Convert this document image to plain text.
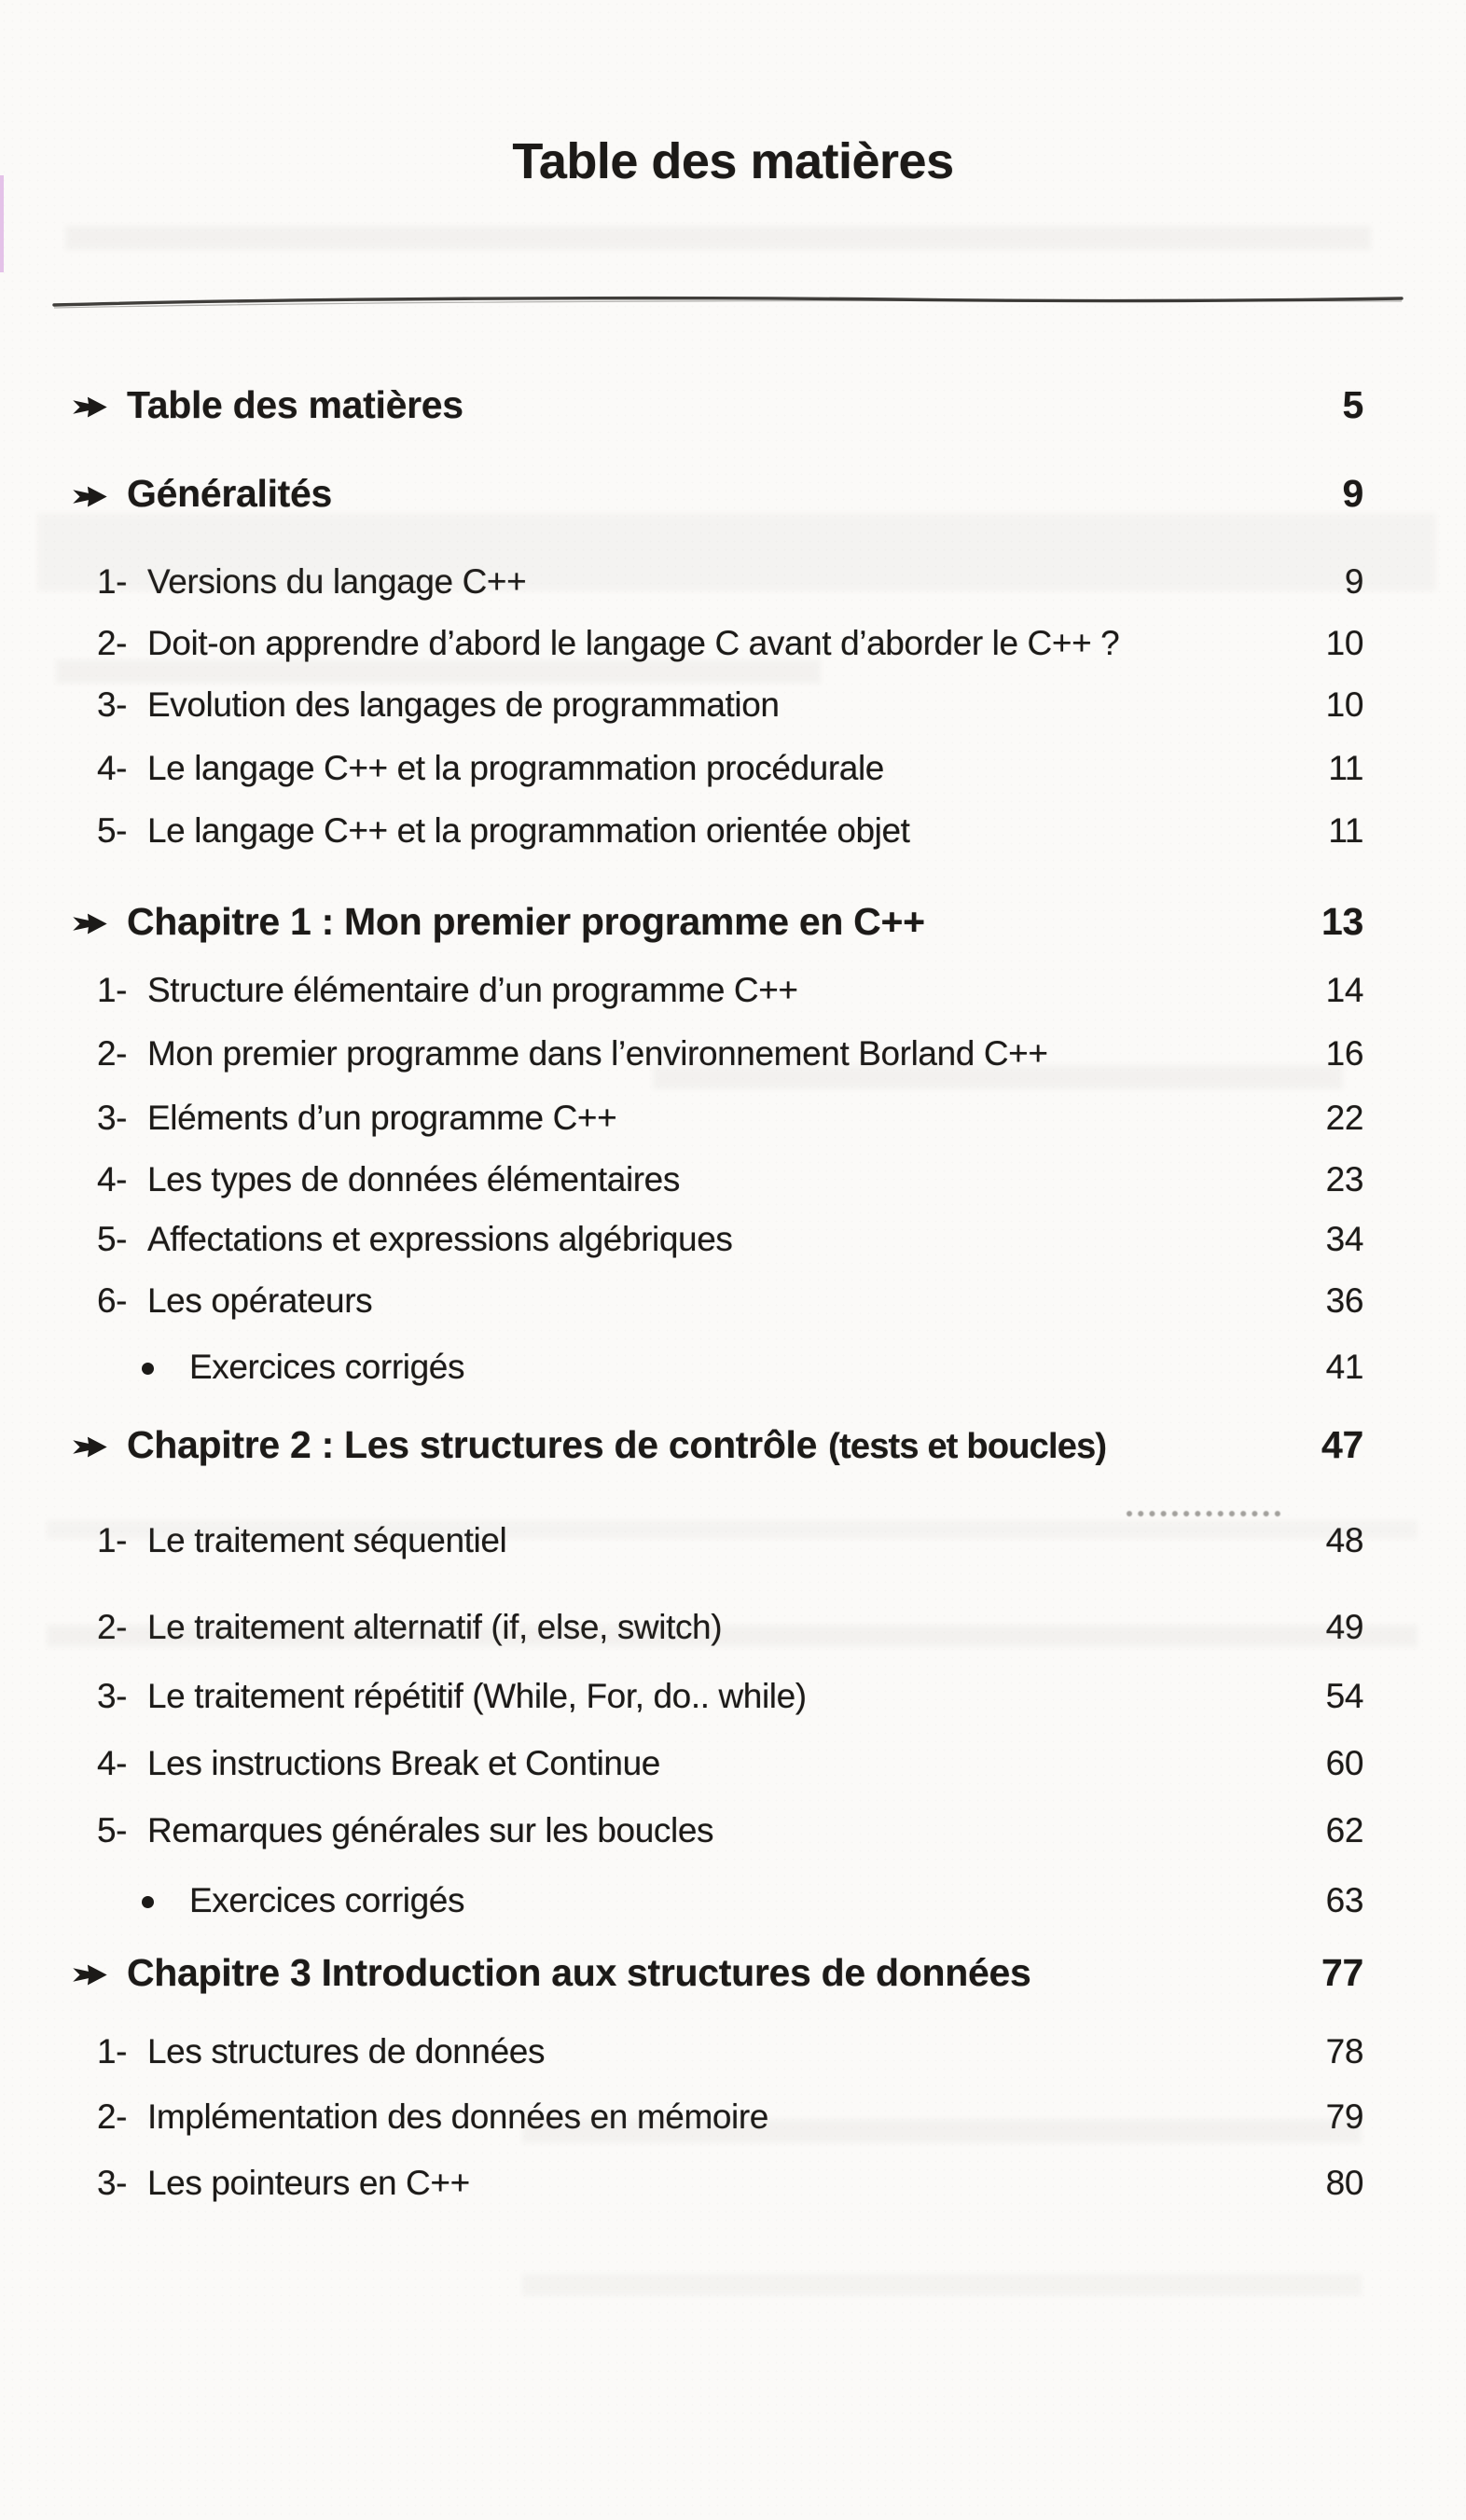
Table des matières
Table des matières	5
Généralités	9
1- Versions du langage C++	9
2- Doit-on apprendre d’abord le langage C avant d’aborder le C++ ?	10
3- Evolution des langages de programmation	10
4- Le langage C++ et la programmation procédurale	11
5- Le langage C++ et la programmation orientée objet	11
Chapitre 1 : Mon premier programme en C++	13
1- Structure élémentaire d’un programme C++	14
2- Mon premier programme dans l’environnement Borland C++	16
3- Eléments d’un programme C++	22
4- Les types de données élémentaires	23
5- Affectations et expressions algébriques	34
6- Les opérateurs	36
Exercices corrigés	41
Chapitre 2 : Les structures de contrôle (tests et boucles)	47
1- Le traitement séquentiel	48
2- Le traitement alternatif (if, else, switch)	49
3- Le traitement répétitif (While, For, do.. while)	54
4- Les instructions Break et Continue	60
5- Remarques générales sur les boucles	62
Exercices corrigés	63
Chapitre 3 Introduction aux structures de données	77
1- Les structures de données	78
2- Implémentation des données en mémoire	79
3- Les pointeurs en C++	80
